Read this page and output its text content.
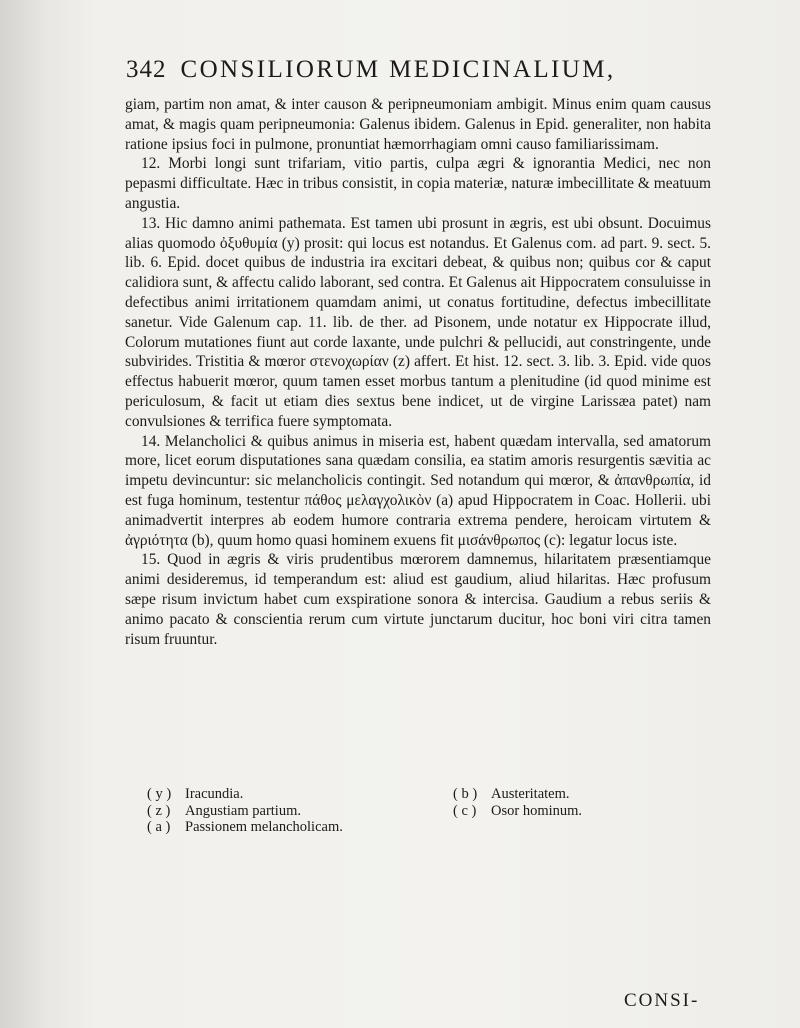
342 CONSILIORUM MEDICINALIUM,

giam, partim non amat, & inter causon & peripneumoniam ambigit. Minus enim quam causus amat, & magis quam peripneumonia: Galenus ibidem. Galenus in Epid. generaliter, non habita ratione ipsius foci in pulmone, pronuntiat hæmorrhagiam omni causo familiarissimam.

12. Morbi longi sunt trifariam, vitio partis, culpa ægri & ignorantia Medici, nec non pepasmi difficultate. Hæc in tribus consistit, in copia materiæ, naturæ imbecillitate & meatuum angustia.

13. Hic damno animi pathemata. Est tamen ubi prosunt in ægris, est ubi obsunt. Docuimus alias quomodo ὀξυθυμία (y) prosit: qui locus est notandus. Et Galenus com. ad part. 9. sect. 5. lib. 6. Epid. docet quibus de industria ira excitari debeat, & quibus non; quibus cor & caput calidiora sunt, & affectu calido laborant, sed contra. Et Galenus ait Hippocratem consuluisse in defectibus animi irritationem quamdam animi, ut conatus fortitudine, defectus imbecillitate sanetur. Vide Galenum cap. 11. lib. de ther. ad Pisonem, unde notatur ex Hippocrate illud, Colorum mutationes fiunt aut corde laxante, unde pulchri & pellucidi, aut constringente, unde subvirides. Tristitia & mœror στενοχωρίαν (z) affert. Et hist. 12. sect. 3. lib. 3. Epid. vide quos effectus habuerit mœror, quum tamen esset morbus tantum a plenitudine (id quod minime est periculosum, & facit ut etiam dies sextus bene indicet, ut de virgine Larissæa patet) nam convulsiones & terrifica fuere symptomata.

14. Melancholici & quibus animus in miseria est, habent quædam intervalla, sed amatorum more, licet eorum disputationes sana quædam consilia, ea statim amoris resurgentis sævitia ac impetu devincuntur: sic melancholicis contingit. Sed notandum qui mœror, & ἀπανθρωπία, id est fuga hominum, testentur πάθος μελαγχολικὸν (a) apud Hippocratem in Coac. Hollerii. ubi animadvertit interpres ab eodem humore contraria extrema pendere, heroicam virtutem & ἀγριότητα (b), quum homo quasi hominem exuens fit μισάνθρωπος (c): legatur locus iste.

15. Quod in ægris & viris prudentibus mœrorem damnemus, hilaritatem præsentiamque animi desideremus, id temperandum est: aliud est gaudium, aliud hilaritas. Hæc profusum sæpe risum invictum habet cum exspiratione sonora & intercisa. Gaudium a rebus seriis & animo pacato & conscientia rerum cum virtute junctarum ducitur, hoc boni viri citra tamen risum fruuntur.

( y ) Iracundia.
( z ) Angustiam partium.
( a ) Passionem melancholicam.
( b ) Austeritatem.
( c ) Osor hominum.
CONSI-
